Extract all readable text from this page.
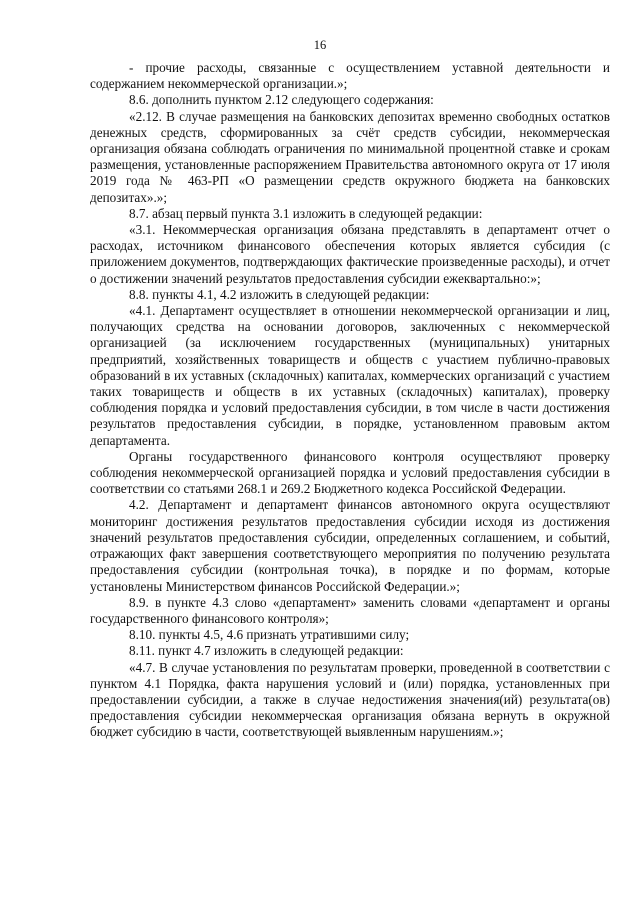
16

- прочие расходы, связанные с осуществлением уставной деятельности и содержанием некоммерческой организации.»;

8.6. дополнить пунктом 2.12 следующего содержания:

«2.12. В случае размещения на банковских депозитах временно свободных остатков денежных средств, сформированных за счёт средств субсидии, некоммерческая организация обязана соблюдать ограничения по минимальной процентной ставке и срокам размещения, установленные распоряжением Правительства автономного округа от 17 июля 2019 года № 463-РП «О размещении средств окружного бюджета на банковских депозитах».»;

8.7. абзац первый пункта 3.1 изложить в следующей редакции:

«3.1. Некоммерческая организация обязана представлять в департамент отчет о расходах, источником финансового обеспечения которых является субсидия (с приложением документов, подтверждающих фактические произведенные расходы), и отчет о достижении значений результатов предоставления субсидии ежеквартально:»;

8.8. пункты 4.1, 4.2 изложить в следующей редакции:

«4.1. Департамент осуществляет в отношении некоммерческой организации и лиц, получающих средства на основании договоров, заключенных с некоммерческой организацией (за исключением государственных (муниципальных) унитарных предприятий, хозяйственных товариществ и обществ с участием публично-правовых образований в их уставных (складочных) капиталах, коммерческих организаций с участием таких товариществ и обществ в их уставных (складочных) капиталах), проверку соблюдения порядка и условий предоставления субсидии, в том числе в части достижения результатов предоставления субсидии, в порядке, установленном правовым актом департамента.

Органы государственного финансового контроля осуществляют проверку соблюдения некоммерческой организацией порядка и условий предоставления субсидии в соответствии со статьями 268.1 и 269.2 Бюджетного кодекса Российской Федерации.

4.2. Департамент и департамент финансов автономного округа осуществляют мониторинг достижения результатов предоставления субсидии исходя из достижения значений результатов предоставления субсидии, определенных соглашением, и событий, отражающих факт завершения соответствующего мероприятия по получению результата предоставления субсидии (контрольная точка), в порядке и по формам, которые установлены Министерством финансов Российской Федерации.»;

8.9. в пункте 4.3 слово «департамент» заменить словами «департамент и органы государственного финансового контроля»;

8.10. пункты 4.5, 4.6 признать утратившими силу;

8.11. пункт 4.7 изложить в следующей редакции:

«4.7. В случае установления по результатам проверки, проведенной в соответствии с пунктом 4.1 Порядка, факта нарушения условий и (или) порядка, установленных при предоставлении субсидии, а также в случае недостижения значения(ий) результата(ов) предоставления субсидии некоммерческая организация обязана вернуть в окружной бюджет субсидию в части, соответствующей выявленным нарушениям.»;
